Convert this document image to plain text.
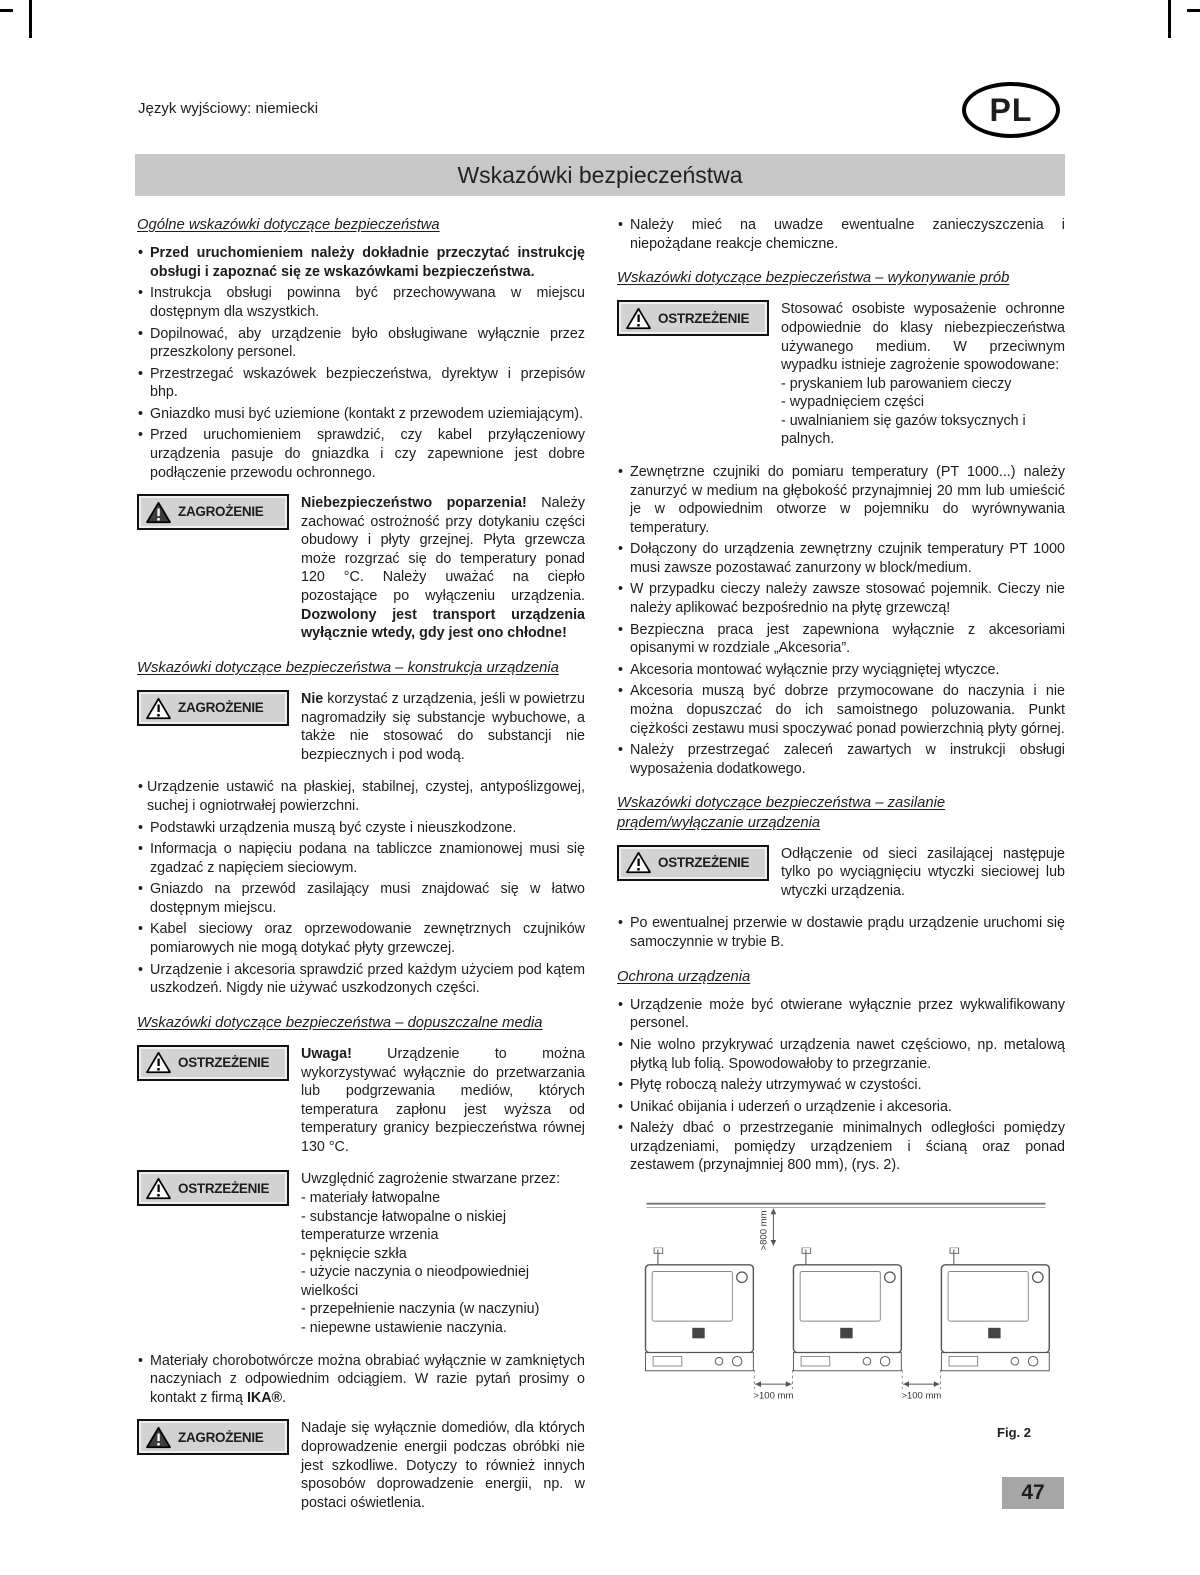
Język wyjściowy: niemiecki	PL
Wskazówki bezpieczeństwa
Ogólne wskazówki dotyczące bezpieczeństwa
• Przed uruchomieniem należy dokładnie przeczytać instrukcję obsługi i zapoznać się ze wskazówkami bezpieczeństwa.
• Instrukcja obsługi powinna być przechowywana w miejscu dostępnym dla wszystkich.
• Dopilnować, aby urządzenie było obsługiwane wyłącznie przez przeszkolony personel.
• Przestrzegać wskazówek bezpieczeństwa, dyrektyw i przepisów bhp.
• Gniazdko musi być uziemione (kontakt z przewodem uziemiającym).
• Przed uruchomieniem sprawdzić, czy kabel przyłączeniowy urządzenia pasuje do gniazdka i czy zapewnione jest dobre podłączenie przewodu ochronnego.
ZAGROŻENIE
Niebezpieczeństwo poparzenia! Należy zachować ostrożność przy dotykaniu części obudowy i płyty grzejnej. Płyta grzewcza może rozgrzać się do temperatury ponad 120 °C. Należy uważać na ciepło pozostające po wyłączeniu urządzenia. Dozwolony jest transport urządzenia wyłącznie wtedy, gdy jest ono chłodne!
Wskazówki dotyczące bezpieczeństwa – konstrukcja urządzenia
ZAGROŻENIE
Nie korzystać z urządzenia, jeśli w powietrzu nagromadziły się substancje wybuchowe, a także nie stosować do substancji nie bezpiecznych i pod wodą.
• Urządzenie ustawić na płaskiej, stabilnej, czystej, antypoślizgowej, suchej i ogniotrwałej powierzchni.
• Podstawki urządzenia muszą być czyste i nieuszkodzone.
• Informacja o napięciu podana na tabliczce znamionowej musi się zgadzać z napięciem sieciowym.
• Gniazdo na przewód zasilający musi znajdować się w łatwo dostępnym miejscu.
• Kabel sieciowy oraz oprzewodowanie zewnętrznych czujników pomiarowych nie mogą dotykać płyty grzewczej.
• Urządzenie i akcesoria sprawdzić przed każdym użyciem pod kątem uszkodzeń. Nigdy nie używać uszkodzonych części.
Wskazówki dotyczące bezpieczeństwa – dopuszczalne media
OSTRZEŻENIE
Uwaga! Urządzenie to można wykorzystywać wyłącznie do przetwarzania lub podgrzewania mediów, których temperatura zapłonu jest wyższa od temperatury granicy bezpieczeństwa równej 130 °C.
OSTRZEŻENIE
Uwzględnić zagrożenie stwarzane przez:
- materiały łatwopalne
- substancje łatwopalne o niskiej temperaturze wrzenia
- pęknięcie szkła
- użycie naczynia o nieodpowiedniej wielkości
- przepełnienie naczynia (w naczyniu)
- niepewne ustawienie naczynia.
• Materiały chorobotwórcze można obrabiać wyłącznie w zamkniętych naczyniach z odpowiednim odciągiem. W razie pytań prosimy o kontakt z firmą IKA®.
ZAGROŻENIE
Nadaje się wyłącznie domediów, dla których doprowadzenie energii podczas obróbki nie jest szkodliwe. Dotyczy to również innych sposobów doprowadzenie energii, np. w postaci oświetlenia.
• Należy mieć na uwadze ewentualne zanieczyszczenia i niepożądane reakcje chemiczne.
Wskazówki dotyczące bezpieczeństwa – wykonywanie prób
OSTRZEŻENIE
Stosować osobiste wyposażenie ochronne odpowiednie do klasy niebezpieczeństwa używanego medium. W przeciwnym wypadku istnieje zagrożenie spowodowane:
- pryskaniem lub parowaniem cieczy
- wypadnięciem części
- uwalnianiem się gazów toksycznych i palnych.
• Zewnętrzne czujniki do pomiaru temperatury (PT 1000...) należy zanurzyć w medium na głębokość przynajmniej 20 mm lub umieścić je w odpowiednim otworze w pojemniku do wyrównywania temperatury.
• Dołączony do urządzenia zewnętrzny czujnik temperatury PT 1000 musi zawsze pozostawać zanurzony w block/medium.
• W przypadku cieczy należy zawsze stosować pojemnik. Cieczy nie należy aplikować bezpośrednio na płytę grzewczą!
• Bezpieczna praca jest zapewniona wyłącznie z akcesoriami opisanymi w rozdziale „Akcesoria”.
• Akcesoria montować wyłącznie przy wyciągniętej wtyczce.
• Akcesoria muszą być dobrze przymocowane do naczynia i nie można dopuszczać do ich samoistnego poluzowania. Punkt ciężkości zestawu musi spoczywać ponad powierzchnią płyty górnej.
• Należy przestrzegać zaleceń zawartych w instrukcji obsługi wyposażenia dodatkowego.
Wskazówki dotyczące bezpieczeństwa – zasilanie prądem/wyłączanie urządzenia
OSTRZEŻENIE
Odłączenie od sieci zasilającej następuje tylko po wyciągnięciu wtyczki sieciowej lub wtyczki urządzenia.
• Po ewentualnej przerwie w dostawie prądu urządzenie uruchomi się samoczynnie w trybie B.
Ochrona urządzenia
• Urządzenie może być otwierane wyłącznie przez wykwalifikowany personel.
• Nie wolno przykrywać urządzenia nawet częściowo, np. metalową płytką lub folią. Spowodowałoby to przegrzanie.
• Płytę roboczą należy utrzymywać w czystości.
• Unikać obijania i uderzeń o urządzenie i akcesoria.
• Należy dbać o przestrzeganie minimalnych odległości pomiędzy urządzeniami, pomiędzy urządzeniem i ścianą oraz ponad zestawem (przynajmniej 800 mm), (rys. 2).
>800 mm
>100 mm	>100 mm
Fig. 2
47
